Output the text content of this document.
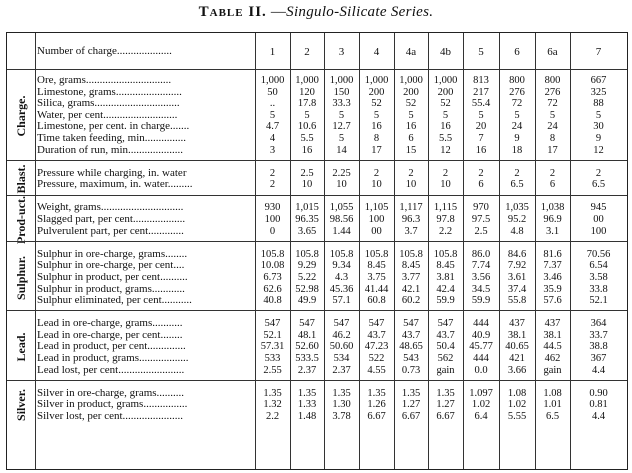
Table II. —Singulo-Silicate Series.
Number of charge....................	1	2	3	4	4a	4b	5	6	6a	7
Ore, grams...............................	1,000	1,000	1,000	1,000	1,000	1,000	813	800	800	667
Limestone, grams........................	50	120	150	200	200	200	217	276	276	325
Silica, grams...............................	..	17.8	33.3	52	52	52	55.4	72	72	88
Water, per cent...........................	5	5	5	5	5	5	5	5	5	5
Limestone, per cent. in charge.......	4.7	10.6	12.7	16	16	16	20	24	24	30
Time taken feeding, min...............	4	5.5	5	8	6	5.5	7	9	8	9
Duration of run, min....................	3	16	14	17	15	12	16	18	17	12
Charge.
Pressure while charging, in. water	2	2.5	2.25	2	2	2	2	2	2	2
Pressure, maximum, in. water.........	2	10	10	10	10	10	6	6.5	6	6.5
Blast.
Weight, grams..............................	930	1,015	1,055	1,105	1,117	1,115	970	1,035	1,038	945
Slagged part, per cent...................	100	96.35	98.56	100	96.3	97.8	97.5	95.2	96.9	00
Pulverulent part, per cent.............	0	3.65	1.44	00	3.7	2.2	2.5	4.8	3.1	100
Prod-uct.
Sulphur in ore-charge, grams........	105.8	105.8	105.8	105.8	105.8	105.8	86.0	84.6	81.6	70.56
Sulphur in ore-charge, per cent....	10.08	9.29	9.34	8.45	8.45	8.45	7.74	7.92	7.37	6.54
Sulphur in product, per cent..........	6.73	5.22	4.3	3.75	3.77	3.81	3.56	3.61	3.46	3.58
Sulphur in product, grams............	62.6	52.98	45.36	41.44	42.1	42.4	34.5	37.4	35.9	33.8
Sulphur eliminated, per cent...........	40.8	49.9	57.1	60.8	60.2	59.9	59.9	55.8	57.6	52.1
Sulphur.
Lead in ore-charge, grams...........	547	547	547	547	547	547	444	437	437	364
Lead in ore-charge, per cent........	52.1	48.1	46.2	43.7	43.7	43.7	40.9	38.1	38.1	33.7
Lead in product, per cent..............	57.31	52.60	50.60	47.23	48.65	50.4	45.77	40.65	44.5	38.8
Lead in product, grams..................	533	533.5	534	522	543	562	444	421	462	367
Lead lost, per cent........................	2.55	2.37	2.37	4.55	0.73	gain	0.0	3.66	gain	4.4
Lead.
Silver in ore-charge, grams..........	1.35	1.35	1.35	1.35	1.35	1.35	1.097	1.08	1.08	0.90
Silver in product, grams................	1.32	1.33	1.30	1.26	1.27	1.27	1.02	1.02	1.01	0.81
Silver lost, per cent......................	2.2	1.48	3.78	6.67	6.67	6.67	6.4	5.55	6.5	4.4
Silver.
